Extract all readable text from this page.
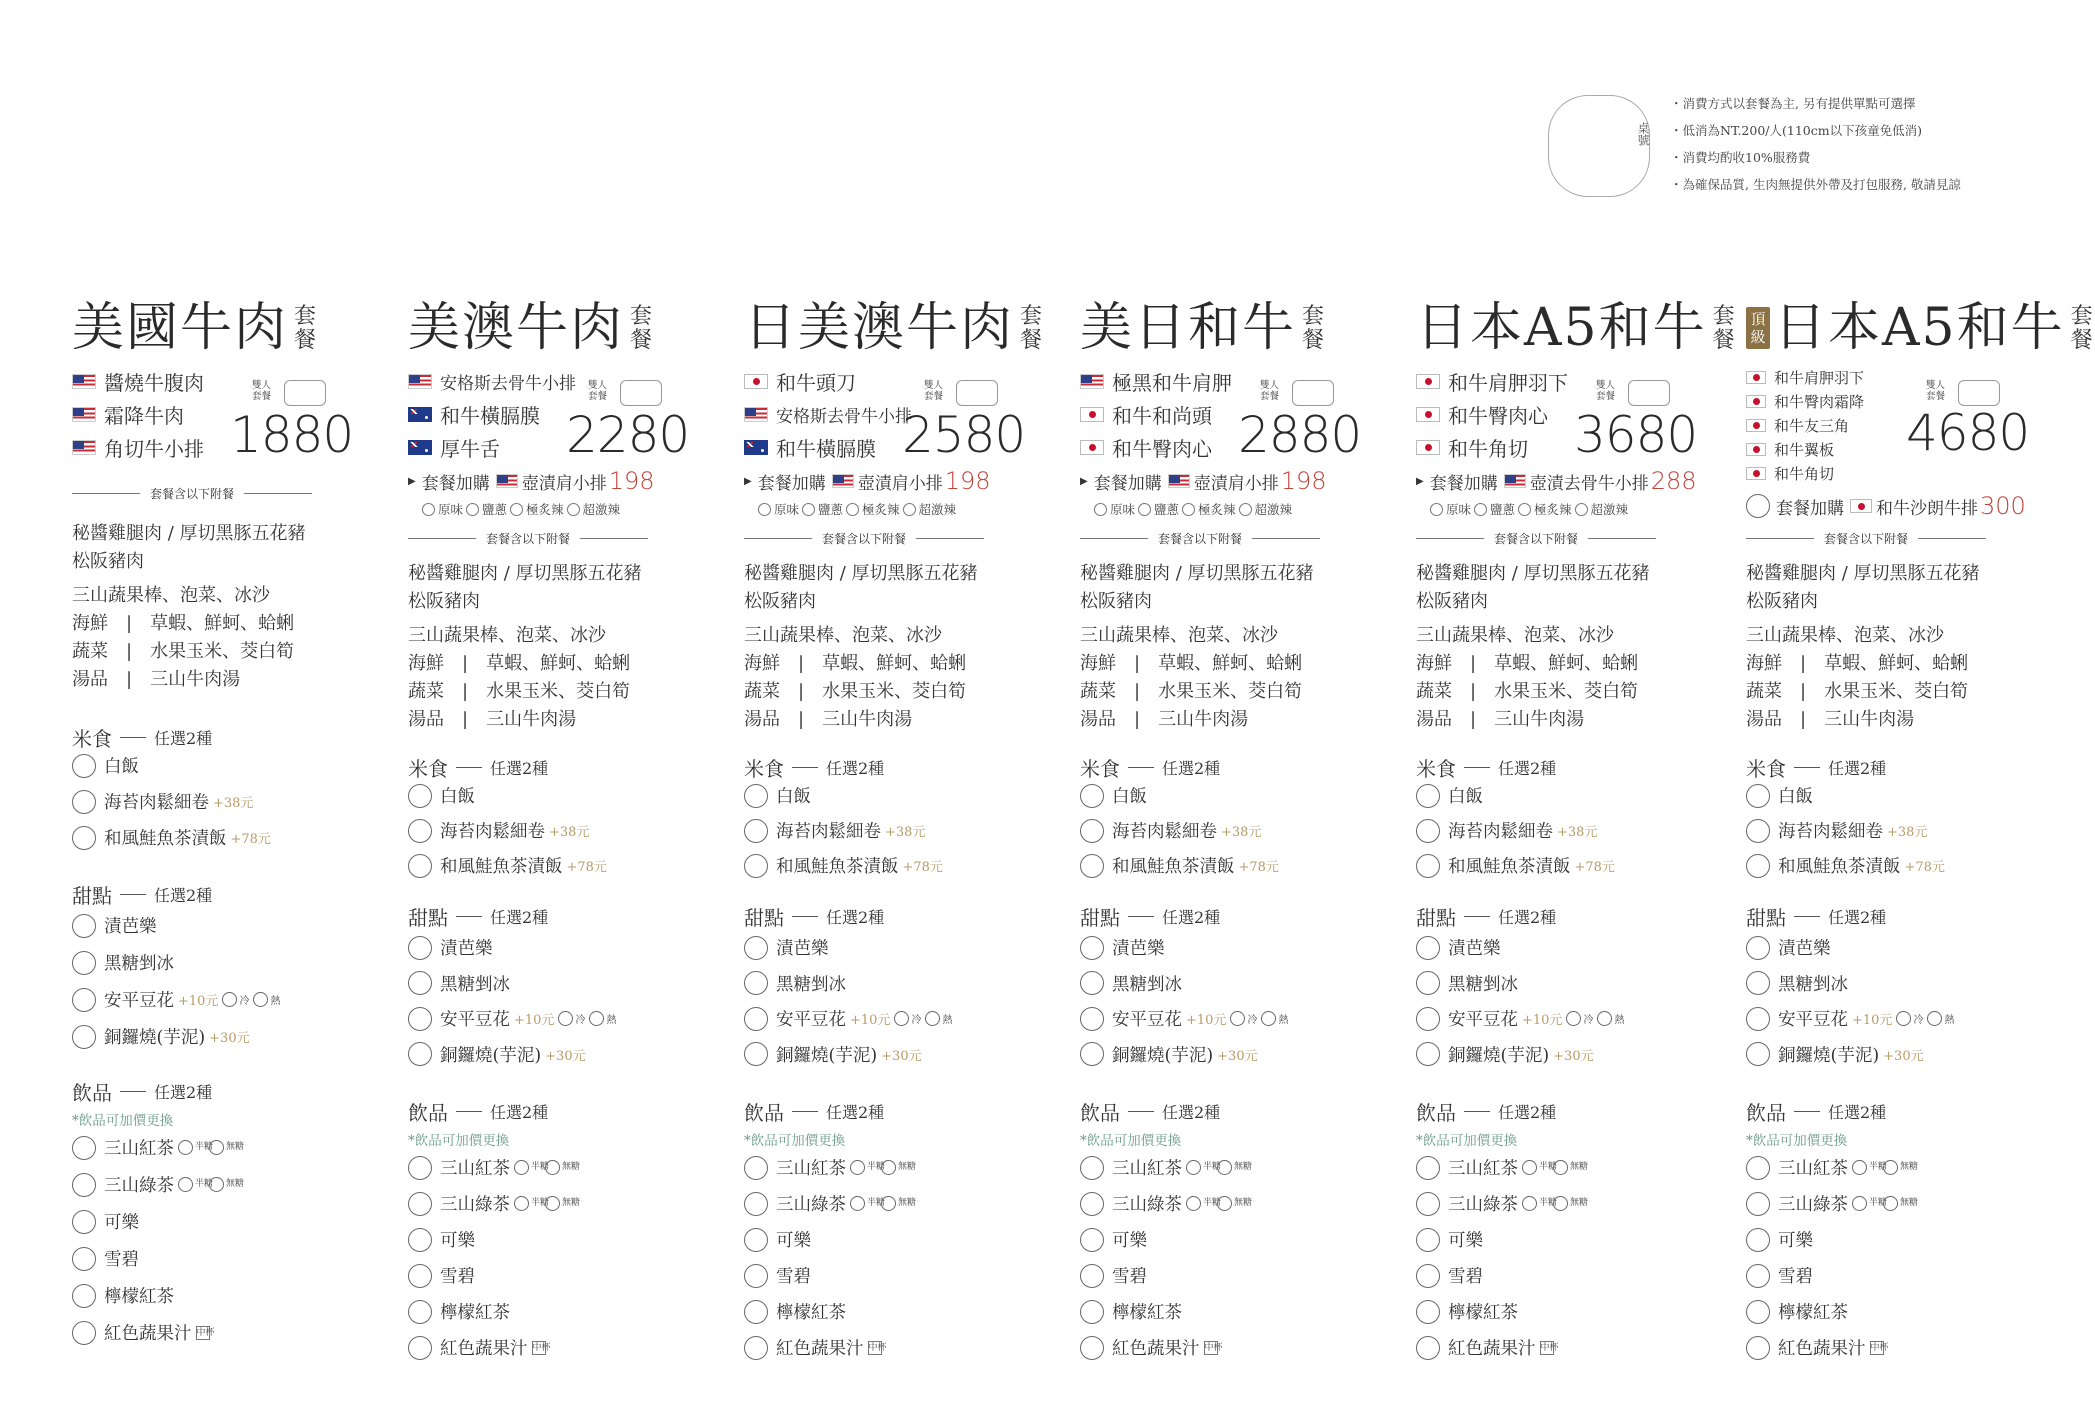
桌號
・ 消費方式以套餐為主, 另有提供單點可選擇
・ 低消為NT.200/人(110cm以下孩童免低消)
・ 消費均酌收10%服務費
・ 為確保品質, 生肉無提供外帶及打包服務, 敬請見諒
美國牛肉 套餐
醬燒牛腹肉
霜降牛肉
角切牛小排
雙人套餐
1880
套餐含以下附餐
秘醬雞腿肉 / 厚切黑豚五花豬
松阪豬肉
三山蔬果棒、泡菜、冰沙
海鮮　|　草蝦、鮮蚵、蛤蜊
蔬菜　|　水果玉米、茭白筍
湯品　|　三山牛肉湯
米食	任選2種
白飯
海苔肉鬆細卷 +38元
和風鮭魚茶漬飯 +78元
甜點	任選2種
漬芭樂
黑糖剉冰
安平豆花 +10元 冷 熱
銅鑼燒(芋泥) +30元
飲品	任選2種
*飲品可加價更換
三山紅茶 半糖 無糖
三山綠茶 半糖 無糖
可樂
雪碧
檸檬紅茶
紅色蔬果汁 中杯
美澳牛肉 套餐
安格斯去骨牛小排
和牛橫膈膜
厚牛舌
雙人套餐
2280
▶ 套餐加購 壺漬肩小排 198
原味 鹽蔥 極炙辣 超激辣
套餐含以下附餐
秘醬雞腿肉 / 厚切黑豚五花豬
松阪豬肉
三山蔬果棒、泡菜、冰沙
海鮮　|　草蝦、鮮蚵、蛤蜊
蔬菜　|　水果玉米、茭白筍
湯品　|　三山牛肉湯
米食	任選2種
白飯
海苔肉鬆細卷 +38元
和風鮭魚茶漬飯 +78元
甜點	任選2種
漬芭樂
黑糖剉冰
安平豆花 +10元 冷 熱
銅鑼燒(芋泥) +30元
飲品	任選2種
*飲品可加價更換
三山紅茶 半糖 無糖
三山綠茶 半糖 無糖
可樂
雪碧
檸檬紅茶
紅色蔬果汁 中杯
日美澳牛肉 套餐
和牛頭刀
安格斯去骨牛小排
和牛橫膈膜
雙人套餐
2580
▶ 套餐加購 壺漬肩小排 198
原味 鹽蔥 極炙辣 超激辣
套餐含以下附餐
秘醬雞腿肉 / 厚切黑豚五花豬
松阪豬肉
三山蔬果棒、泡菜、冰沙
海鮮　|　草蝦、鮮蚵、蛤蜊
蔬菜　|　水果玉米、茭白筍
湯品　|　三山牛肉湯
米食	任選2種
白飯
海苔肉鬆細卷 +38元
和風鮭魚茶漬飯 +78元
甜點	任選2種
漬芭樂
黑糖剉冰
安平豆花 +10元 冷 熱
銅鑼燒(芋泥) +30元
飲品	任選2種
*飲品可加價更換
三山紅茶 半糖 無糖
三山綠茶 半糖 無糖
可樂
雪碧
檸檬紅茶
紅色蔬果汁 中杯
美日和牛 套餐
極黑和牛肩胛
和牛和尚頭
和牛臀肉心
雙人套餐
2880
▶ 套餐加購 壺漬肩小排 198
原味 鹽蔥 極炙辣 超激辣
套餐含以下附餐
秘醬雞腿肉 / 厚切黑豚五花豬
松阪豬肉
三山蔬果棒、泡菜、冰沙
海鮮　|　草蝦、鮮蚵、蛤蜊
蔬菜　|　水果玉米、茭白筍
湯品　|　三山牛肉湯
米食	任選2種
白飯
海苔肉鬆細卷 +38元
和風鮭魚茶漬飯 +78元
甜點	任選2種
漬芭樂
黑糖剉冰
安平豆花 +10元 冷 熱
銅鑼燒(芋泥) +30元
飲品	任選2種
*飲品可加價更換
三山紅茶 半糖 無糖
三山綠茶 半糖 無糖
可樂
雪碧
檸檬紅茶
紅色蔬果汁 中杯
日本A5和牛 套餐
和牛肩胛羽下
和牛臀肉心
和牛角切
雙人套餐
3680
▶ 套餐加購 壺漬去骨牛小排 288
原味 鹽蔥 極炙辣 超激辣
套餐含以下附餐
秘醬雞腿肉 / 厚切黑豚五花豬
松阪豬肉
三山蔬果棒、泡菜、冰沙
海鮮　|　草蝦、鮮蚵、蛤蜊
蔬菜　|　水果玉米、茭白筍
湯品　|　三山牛肉湯
米食	任選2種
白飯
海苔肉鬆細卷 +38元
和風鮭魚茶漬飯 +78元
甜點	任選2種
漬芭樂
黑糖剉冰
安平豆花 +10元 冷 熱
銅鑼燒(芋泥) +30元
飲品	任選2種
*飲品可加價更換
三山紅茶 半糖 無糖
三山綠茶 半糖 無糖
可樂
雪碧
檸檬紅茶
紅色蔬果汁 中杯
頂級 日本A5和牛 套餐
和牛肩胛羽下
和牛臀肉霜降
和牛友三角
和牛翼板
和牛角切
雙人套餐
4680
套餐加購 和牛沙朗牛排 300
套餐含以下附餐
秘醬雞腿肉 / 厚切黑豚五花豬
松阪豬肉
三山蔬果棒、泡菜、冰沙
海鮮　|　草蝦、鮮蚵、蛤蜊
蔬菜　|　水果玉米、茭白筍
湯品　|　三山牛肉湯
米食	任選2種
白飯
海苔肉鬆細卷 +38元
和風鮭魚茶漬飯 +78元
甜點	任選2種
漬芭樂
黑糖剉冰
安平豆花 +10元 冷 熱
銅鑼燒(芋泥) +30元
飲品	任選2種
*飲品可加價更換
三山紅茶 半糖 無糖
三山綠茶 半糖 無糖
可樂
雪碧
檸檬紅茶
紅色蔬果汁 中杯
